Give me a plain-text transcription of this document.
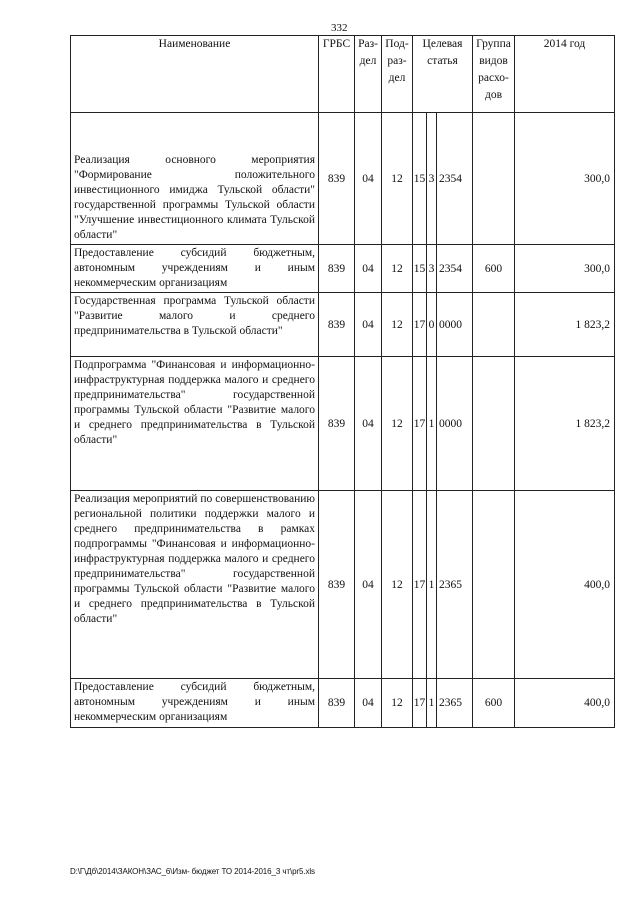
332
Наименование	ГРБС	Раз- дел	Под- раз- дел	Целевая статья			Группа видов расхо- дов	2014 год
Реализация основного мероприятия "Формирование положительного инвестиционного имиджа Тульской области" государственной программы Тульской области "Улучшение инвестиционного климата Тульской области"	839	04	12	15	3	2354		300,0
Предоставление субсидий бюджетным, автономным учреждениям и иным некоммерческим организациям	839	04	12	15	3	2354	600	300,0
Государственная программа Тульской области "Развитие малого и среднего предпринимательства в Тульской области"	839	04	12	17	0	0000		1 823,2
Подпрограмма "Финансовая и информационно-инфраструктурная поддержка малого и среднего предпринимательства" государственной программы Тульской области "Развитие малого и среднего предпринимательства в Тульской области"	839	04	12	17	1	0000		1 823,2
Реализация мероприятий по совершенствованию региональной политики поддержки малого и среднего предпринимательства в рамках подпрограммы "Финансовая и информационно-инфраструктурная поддержка малого и среднего предпринимательства" государственной программы Тульской области "Развитие малого и среднего предпринимательства в Тульской области"	839	04	12	17	1	2365		400,0
Предоставление субсидий бюджетным, автономным учреждениям и иным некоммерческим организациям	839	04	12	17	1	2365	600	400,0
D:\Г\Дб\2014\ЗАКОН\ЗАС_6\Изм- бюджет ТО 2014-2016_3 чт\pr5.xls
